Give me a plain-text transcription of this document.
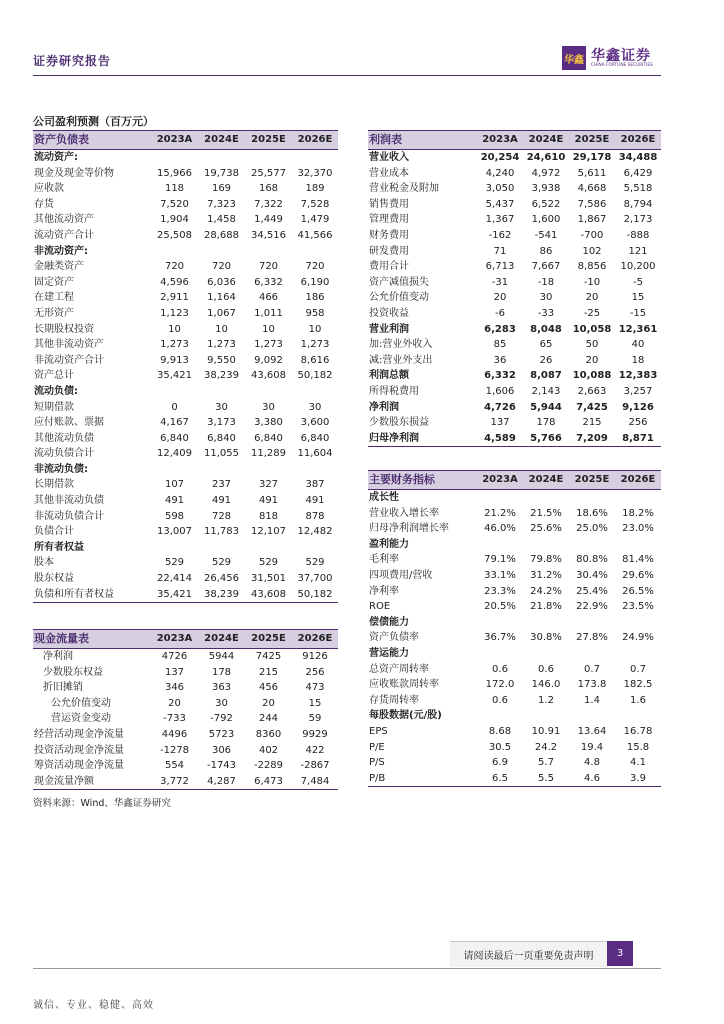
证券研究报告	华鑫 华鑫证券
CHINA FORTUNE SECURITIES
公司盈利预测（百万元）
资产负债表	2023A	2024E	2025E	2026E
流动资产:				
现金及现金等价物	15,966	19,738	25,577	32,370
应收款	118	169	168	189
存货	7,520	7,323	7,322	7,528
其他流动资产	1,904	1,458	1,449	1,479
流动资产合计	25,508	28,688	34,516	41,566
非流动资产:				
金融类资产	720	720	720	720
固定资产	4,596	6,036	6,332	6,190
在建工程	2,911	1,164	466	186
无形资产	1,123	1,067	1,011	958
长期股权投资	10	10	10	10
其他非流动资产	1,273	1,273	1,273	1,273
非流动资产合计	9,913	9,550	9,092	8,616
资产总计	35,421	38,239	43,608	50,182
流动负债:				
短期借款	0	30	30	30
应付账款、票据	4,167	3,173	3,380	3,600
其他流动负债	6,840	6,840	6,840	6,840
流动负债合计	12,409	11,055	11,289	11,604
非流动负债:				
长期借款	107	237	327	387
其他非流动负债	491	491	491	491
非流动负债合计	598	728	818	878
负债合计	13,007	11,783	12,107	12,482
所有者权益				
股本	529	529	529	529
股东权益	22,414	26,456	31,501	37,700
负债和所有者权益	35,421	38,239	43,608	50,182
现金流量表	2023A	2024E	2025E	2026E
净利润	4726	5944	7425	9126
少数股东权益	137	178	215	256
折旧摊销	346	363	456	473
公允价值变动	20	30	20	15
营运资金变动	-733	-792	244	59
经营活动现金净流量	4496	5723	8360	9929
投资活动现金净流量	-1278	306	402	422
筹资活动现金净流量	554	-1743	-2289	-2867
现金流量净额	3,772	4,287	6,473	7,484
利润表	2023A	2024E	2025E	2026E
营业收入	20,254	24,610	29,178	34,488
营业成本	4,240	4,972	5,611	6,429
营业税金及附加	3,050	3,938	4,668	5,518
销售费用	5,437	6,522	7,586	8,794
管理费用	1,367	1,600	1,867	2,173
财务费用	-162	-541	-700	-888
研发费用	71	86	102	121
费用合计	6,713	7,667	8,856	10,200
资产减值损失	-31	-18	-10	-5
公允价值变动	20	30	20	15
投资收益	-6	-33	-25	-15
营业利润	6,283	8,048	10,058	12,361
加:营业外收入	85	65	50	40
减:营业外支出	36	26	20	18
利润总额	6,332	8,087	10,088	12,383
所得税费用	1,606	2,143	2,663	3,257
净利润	4,726	5,944	7,425	9,126
少数股东损益	137	178	215	256
归母净利润	4,589	5,766	7,209	8,871
主要财务指标	2023A	2024E	2025E	2026E
成长性				
营业收入增长率	21.2%	21.5%	18.6%	18.2%
归母净利润增长率	46.0%	25.6%	25.0%	23.0%
盈利能力				
毛利率	79.1%	79.8%	80.8%	81.4%
四项费用/营收	33.1%	31.2%	30.4%	29.6%
净利率	23.3%	24.2%	25.4%	26.5%
ROE	20.5%	21.8%	22.9%	23.5%
偿债能力				
资产负债率	36.7%	30.8%	27.8%	24.9%
营运能力				
总资产周转率	0.6	0.6	0.7	0.7
应收账款周转率	172.0	146.0	173.8	182.5
存货周转率	0.6	1.2	1.4	1.6
每股数据(元/股)				
EPS	8.68	10.91	13.64	16.78
P/E	30.5	24.2	19.4	15.8
P/S	6.9	5.7	4.8	4.1
P/B	6.5	5.5	4.6	3.9
资料来源：Wind、华鑫证券研究
请阅读最后一页重要免责声明	3
诚信、专业、稳健、高效
